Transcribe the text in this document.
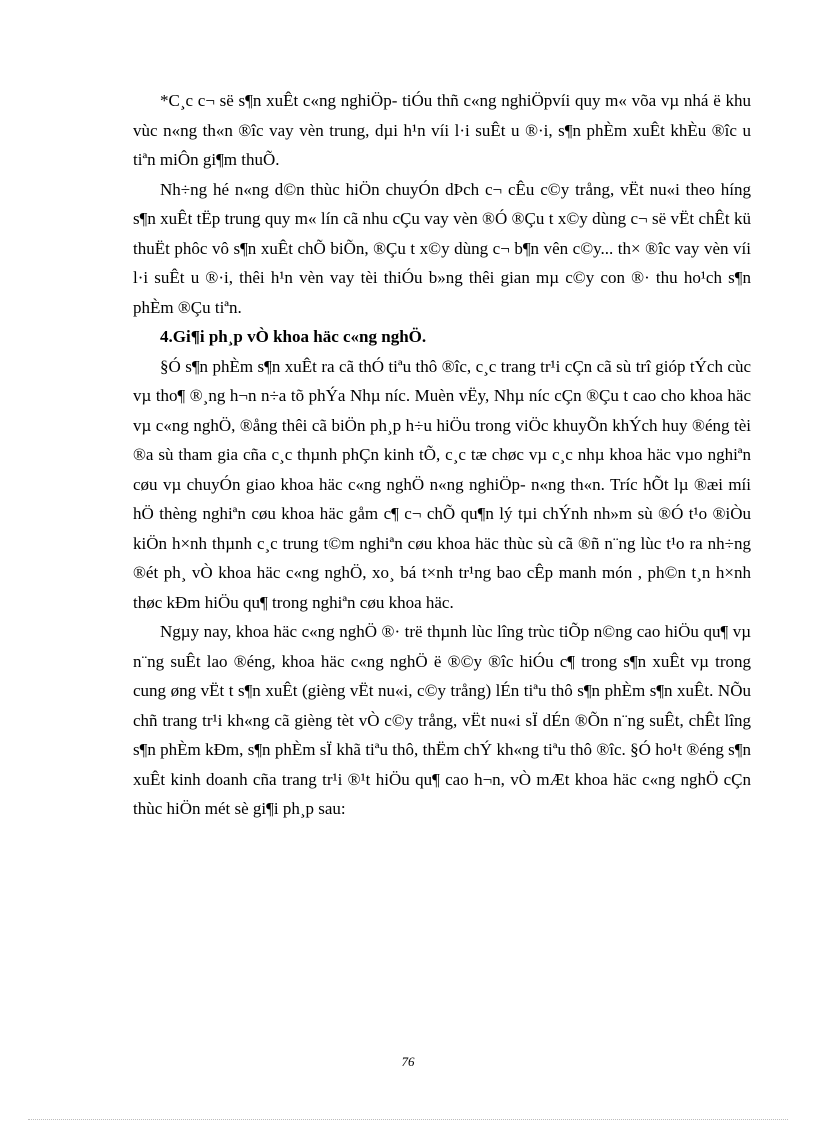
*C¸c c¬ së s¶n xuÊt c«ng nghiÖp- tiÓu thñ c«ng nghiÖpvíi quy m« võa vµ nhá ë khu vùc n«ng th«n ®îc vay vèn trung, dµi h¹n víi l·i suÊt u ®·i, s¶n phÈm xuÊt khÈu ®îc u tiªn miÔn gi¶m thuÕ.

Nh÷ng hé n«ng d©n thùc hiÖn chuyÓn dÞch c¬ cÊu c©y trång, vËt nu«i theo híng s¶n xuÊt tËp trung quy m« lín cã nhu cÇu vay vèn ®Ó ®Çu t x©y dùng c¬ së vËt chÊt kü thuËt phôc vô s¶n xuÊt chÕ biÕn, ®Çu t x©y dùng c¬ b¶n vên c©y... th× ®îc vay vèn víi l·i suÊt u ®·i, thêi h¹n vèn vay tèi thiÓu b»ng thêi gian mµ c©y con ®· thu ho¹ch s¶n phÈm ®Çu tiªn.

4.Gi¶i ph¸p vÒ khoa häc c«ng nghÖ.

§Ó s¶n phÈm s¶n xuÊt ra cã thÓ tiªu thô ®îc, c¸c trang tr¹i cÇn cã sù trî gióp tÝch cùc vµ tho¶ ®¸ng h¬n n÷a tõ phÝa Nhµ níc. Muèn vËy, Nhµ níc cÇn ®Çu t cao cho khoa häc vµ c«ng nghÖ, ®ång thêi cã biÖn ph¸p h÷u hiÖu trong viÖc khuyÕn khÝch huy ®éng tèi ®a sù tham gia cña c¸c thµnh phÇn kinh tÕ, c¸c tæ chøc vµ c¸c nhµ khoa häc vµo nghiªn cøu vµ chuyÓn giao khoa häc c«ng nghÖ n«ng nghiÖp- n«ng th«n. Tríc hÕt lµ ®æi míi hÖ thèng nghiªn cøu khoa häc gåm c¶ c¬ chÕ qu¶n lý tµi chÝnh nh»m sù ®Ó t¹o ®iÒu kiÖn h×nh thµnh c¸c trung t©m nghiªn cøu khoa häc thùc sù cã ®ñ n¨ng lùc t¹o ra nh÷ng ®ét ph¸ vÒ khoa häc c«ng nghÖ, xo¸ bá t×nh tr¹ng bao cÊp manh món , ph©n t¸n h×nh thøc kÐm hiÖu qu¶ trong nghiªn cøu khoa häc.

Ngµy nay, khoa häc c«ng nghÖ ®· trë thµnh lùc lîng trùc tiÕp n©ng cao hiÖu qu¶ vµ n¨ng suÊt lao ®éng, khoa häc c«ng nghÖ ë ®©y ®îc hiÓu c¶ trong s¶n xuÊt vµ trong cung øng vËt t s¶n xuÊt (gièng vËt nu«i, c©y trång) lÉn tiªu thô s¶n phÈm s¶n xuÊt. NÕu chñ trang tr¹i kh«ng cã gièng tèt vÒ c©y trång, vËt nu«i sÏ dÉn ®Õn n¨ng suÊt, chÊt lîng s¶n phÈm kÐm, s¶n phÈm sÏ khã tiªu thô, thËm chÝ kh«ng tiªu thô ®îc. §Ó ho¹t ®éng s¶n xuÊt kinh doanh cña trang tr¹i ®¹t hiÖu qu¶ cao h¬n, vÒ mÆt khoa häc c«ng nghÖ cÇn thùc hiÖn mét sè gi¶i ph¸p sau:

76
